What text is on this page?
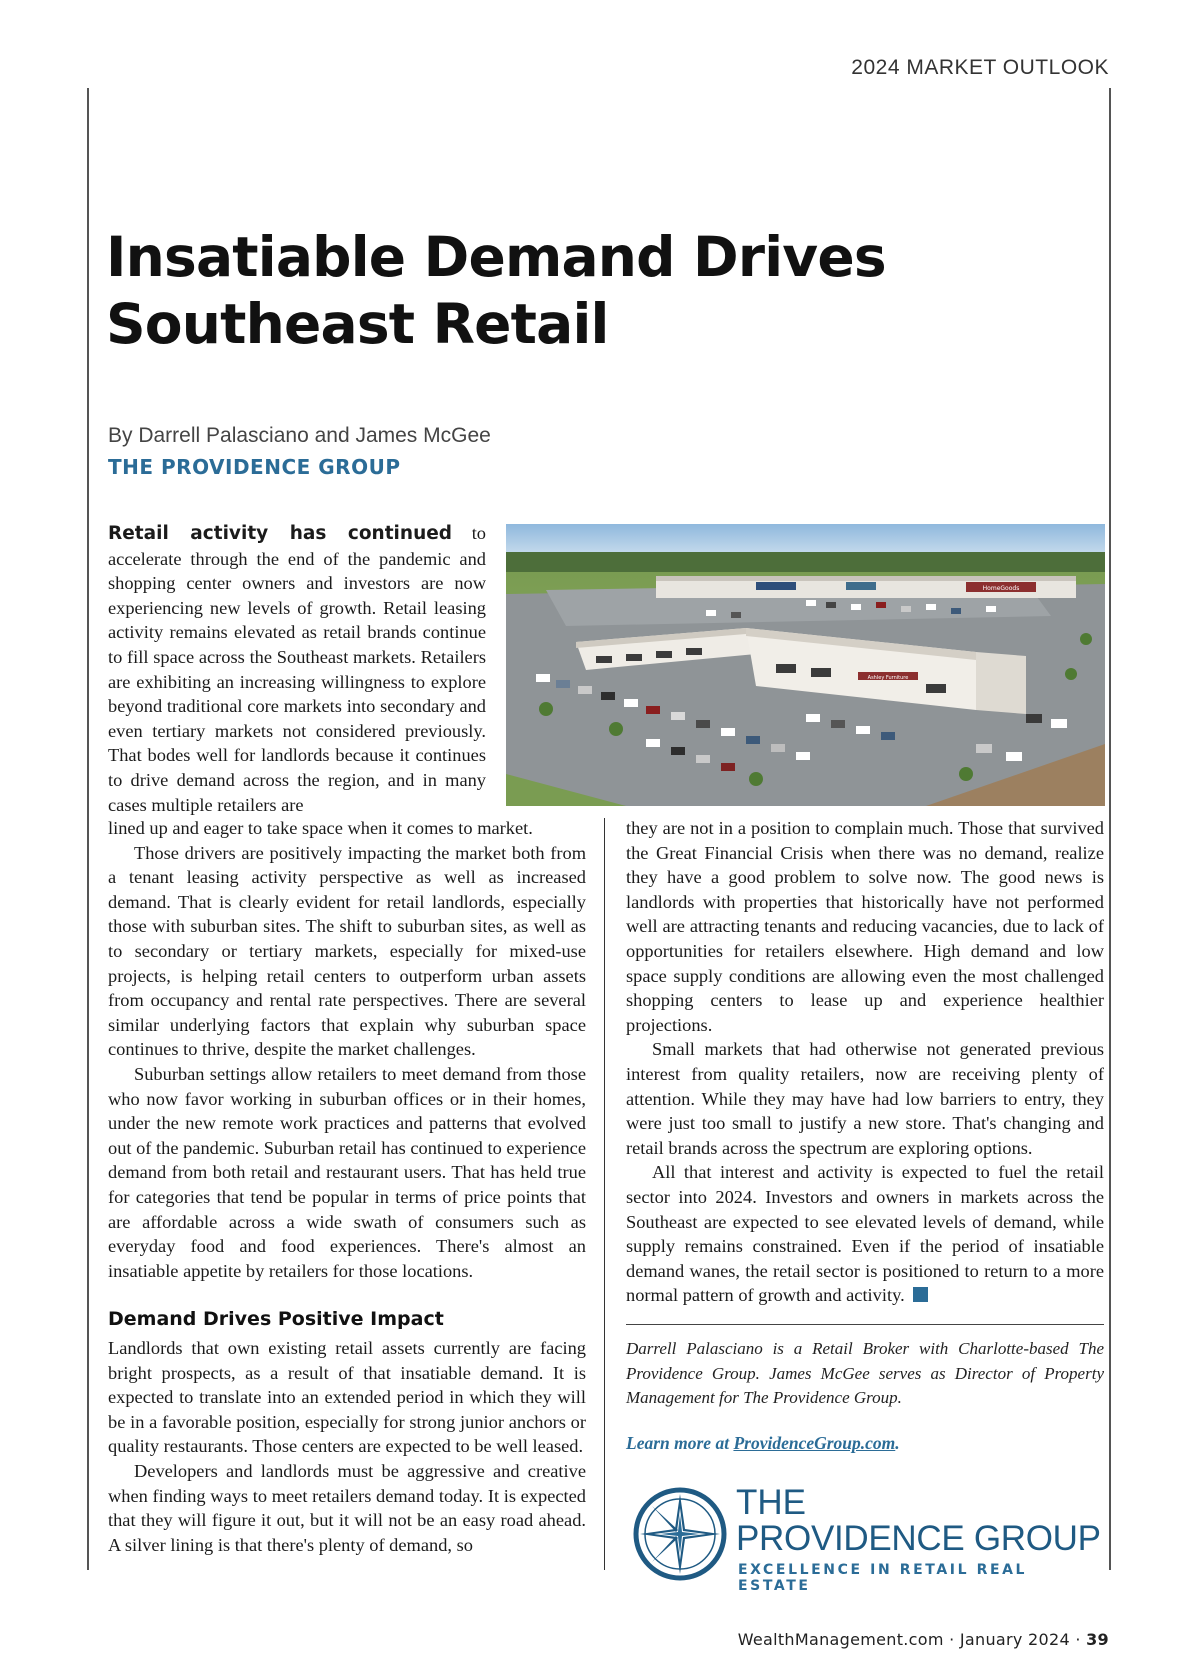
2024 MARKET OUTLOOK
Insatiable Demand Drives
Southeast Retail
By Darrell Palasciano and James McGee
THE PROVIDENCE GROUP
HomeGoods
Ashley Furniture

Retail activity has continued to accelerate through the end of the pandemic and shopping center owners and investors are now experiencing new levels of growth. Retail leasing activity remains elevated as retail brands continue to fill space across the Southeast markets. Retailers are exhibiting an increasing willingness to explore beyond traditional core markets into secondary and even tertiary markets not considered previously. That bodes well for landlords because it continues to drive demand across the region, and in many cases multiple retailers are

lined up and eager to take space when it comes to market.

Those drivers are positively impacting the market both from a tenant leasing activity perspective as well as increased demand. That is clearly evident for retail landlords, especially those with suburban sites. The shift to suburban sites, as well as to secondary or tertiary markets, especially for mixed-use projects, is helping retail centers to outperform urban assets from occupancy and rental rate perspectives. There are several similar underlying factors that explain why suburban space continues to thrive, despite the market challenges.

Suburban settings allow retailers to meet demand from those who now favor working in suburban offices or in their homes, under the new remote work practices and patterns that evolved out of the pandemic. Suburban retail has continued to experience demand from both retail and restaurant users. That has held true for categories that tend be popular in terms of price points that are affordable across a wide swath of consumers such as everyday food and food experiences. There's almost an insatiable appetite by retailers for those locations.

Demand Drives Positive Impact

Landlords that own existing retail assets currently are facing bright prospects, as a result of that insatiable demand. It is expected to translate into an extended period in which they will be in a favorable position, especially for strong junior anchors or quality restaurants. Those centers are expected to be well leased.

Developers and landlords must be aggressive and creative when finding ways to meet retailers demand today. It is expected that they will figure it out, but it will not be an easy road ahead. A silver lining is that there's plenty of demand, so

they are not in a position to complain much. Those that survived the Great Financial Crisis when there was no demand, realize they have a good problem to solve now. The good news is landlords with properties that historically have not performed well are attracting tenants and reducing vacancies, due to lack of opportunities for retailers elsewhere. High demand and low space supply conditions are allowing even the most challenged shopping centers to lease up and experience healthier projections.

Small markets that had otherwise not generated previous interest from quality retailers, now are receiving plenty of attention. While they may have had low barriers to entry, they were just too small to justify a new store. That's changing and retail brands across the spectrum are exploring options.

All that interest and activity is expected to fuel the retail sector into 2024. Investors and owners in markets across the Southeast are expected to see elevated levels of demand, while supply remains constrained. Even if the period of insatiable demand wanes, the retail sector is positioned to return to a more normal pattern of growth and activity.

Darrell Palasciano is a Retail Broker with Charlotte-based The Providence Group. James McGee serves as Director of Property Management for The Providence Group.

Learn more at ProvidenceGroup.com.
THE
PROVIDENCE GROUP
EXCELLENCE IN RETAIL REAL ESTATE
WealthManagement.com · January 2024 · 39
